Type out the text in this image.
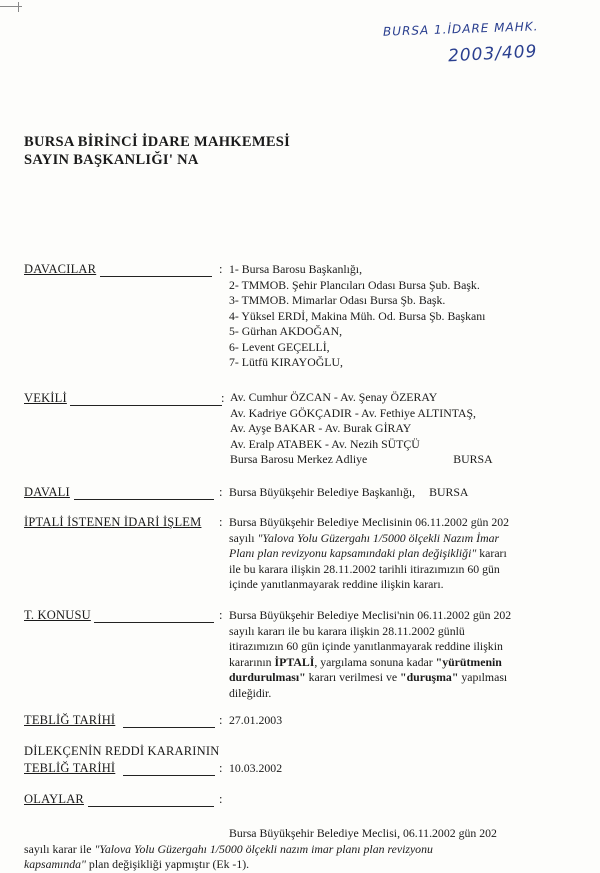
BURSA 1.İDARE MAHK.
2003/409
BURSA BİRİNCİ İDARE MAHKEMESİ
SAYIN BAŞKANLIĞI' NA
DAVACILAR	: 1- Bursa Barosu Başkanlığı,
2- TMMOB. Şehir Plancıları Odası Bursa Şub. Başk.
3- TMMOB. Mimarlar Odası Bursa Şb. Başk.
4- Yüksel ERDİ, Makina Müh. Od. Bursa Şb. Başkanı
5- Gürhan AKDOĞAN,
6- Levent GEÇELLİ,
7- Lütfü KIRAYOĞLU,
VEKİLİ	: Av. Cumhur ÖZCAN - Av. Şenay ÖZERAY
Av. Kadriye GÖKÇADIR - Av. Fethiye ALTINTAŞ,
Av. Ayşe BAKAR - Av. Burak GİRAY
Av. Eralp ATABEK - Av. Nezih SÜTÇÜ
Bursa Barosu Merkez Adliye	BURSA
DAVALI	: Bursa Büyükşehir Belediye Başkanlığı, BURSA
İPTALİ İSTENEN İDARİ İŞLEM : Bursa Büyükşehir Belediye Meclisinin 06.11.2002 gün 202
sayılı "Yalova Yolu Güzergahı 1/5000 ölçekli Nazım İmar
Planı plan revizyonu kapsamındaki plan değişikliği" kararı
ile bu karara ilişkin 28.11.2002 tarihli itirazımızın 60 gün
içinde yanıtlanmayarak reddine ilişkin kararı.
T. KONUSU	: Bursa Büyükşehir Belediye Meclisi'nin 06.11.2002 gün 202
sayılı kararı ile bu karara ilişkin 28.11.2002 günlü
itirazımızın 60 gün içinde yanıtlanmayarak reddine ilişkin
kararının İPTALİ, yargılama sonuna kadar "yürütmenin
durdurulması" kararı verilmesi ve "duruşma" yapılması
dileğidir.
TEBLİĞ TARİHİ	: 27.01.2003
DİLEKÇENİN REDDİ KARARININ
TEBLİĞ TARİHİ	: 10.03.2002
OLAYLAR	:
Bursa Büyükşehir Belediye Meclisi, 06.11.2002 gün 202
sayılı karar ile "Yalova Yolu Güzergahı 1/5000 ölçekli nazım imar planı plan revizyonu
kapsamında" plan değişikliği yapmıştır (Ek -1).
